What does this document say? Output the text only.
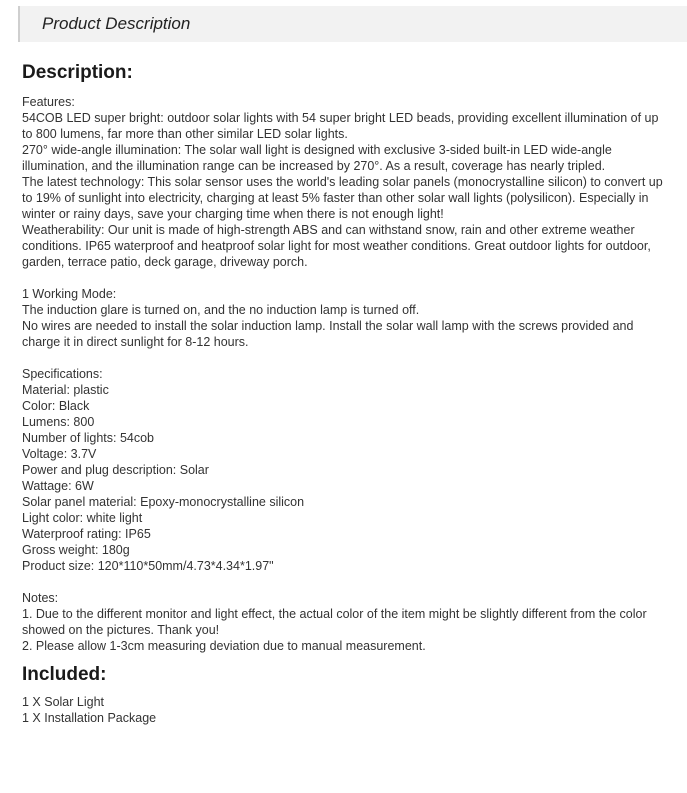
Product Description
Description:
Features:
54COB LED super bright: outdoor solar lights with 54 super bright LED beads, providing excellent illumination of up to 800 lumens, far more than other similar LED solar lights.
270° wide-angle illumination: The solar wall light is designed with exclusive 3-sided built-in LED wide-angle illumination, and the illumination range can be increased by 270°. As a result, coverage has nearly tripled.
The latest technology: This solar sensor uses the world's leading solar panels (monocrystalline silicon) to convert up to 19% of sunlight into electricity, charging at least 5% faster than other solar wall lights (polysilicon). Especially in winter or rainy days, save your charging time when there is not enough light!
Weatherability: Our unit is made of high-strength ABS and can withstand snow, rain and other extreme weather conditions. IP65 waterproof and heatproof solar light for most weather conditions. Great outdoor lights for outdoor, garden, terrace patio, deck garage, driveway porch.
1 Working Mode:
The induction glare is turned on, and the no induction lamp is turned off.
No wires are needed to install the solar induction lamp. Install the solar wall lamp with the screws provided and charge it in direct sunlight for 8-12 hours.
Specifications:
Material: plastic
Color: Black
Lumens: 800
Number of lights: 54cob
Voltage: 3.7V
Power and plug description: Solar
Wattage: 6W
Solar panel material: Epoxy-monocrystalline silicon
Light color: white light
Waterproof rating: IP65
Gross weight: 180g
Product size: 120*110*50mm/4.73*4.34*1.97"
Notes:
1. Due to the different monitor and light effect, the actual color of the item might be slightly different from the color showed on the pictures. Thank you!
2. Please allow 1-3cm measuring deviation due to manual measurement.
Included:
1 X Solar Light
1 X Installation Package
